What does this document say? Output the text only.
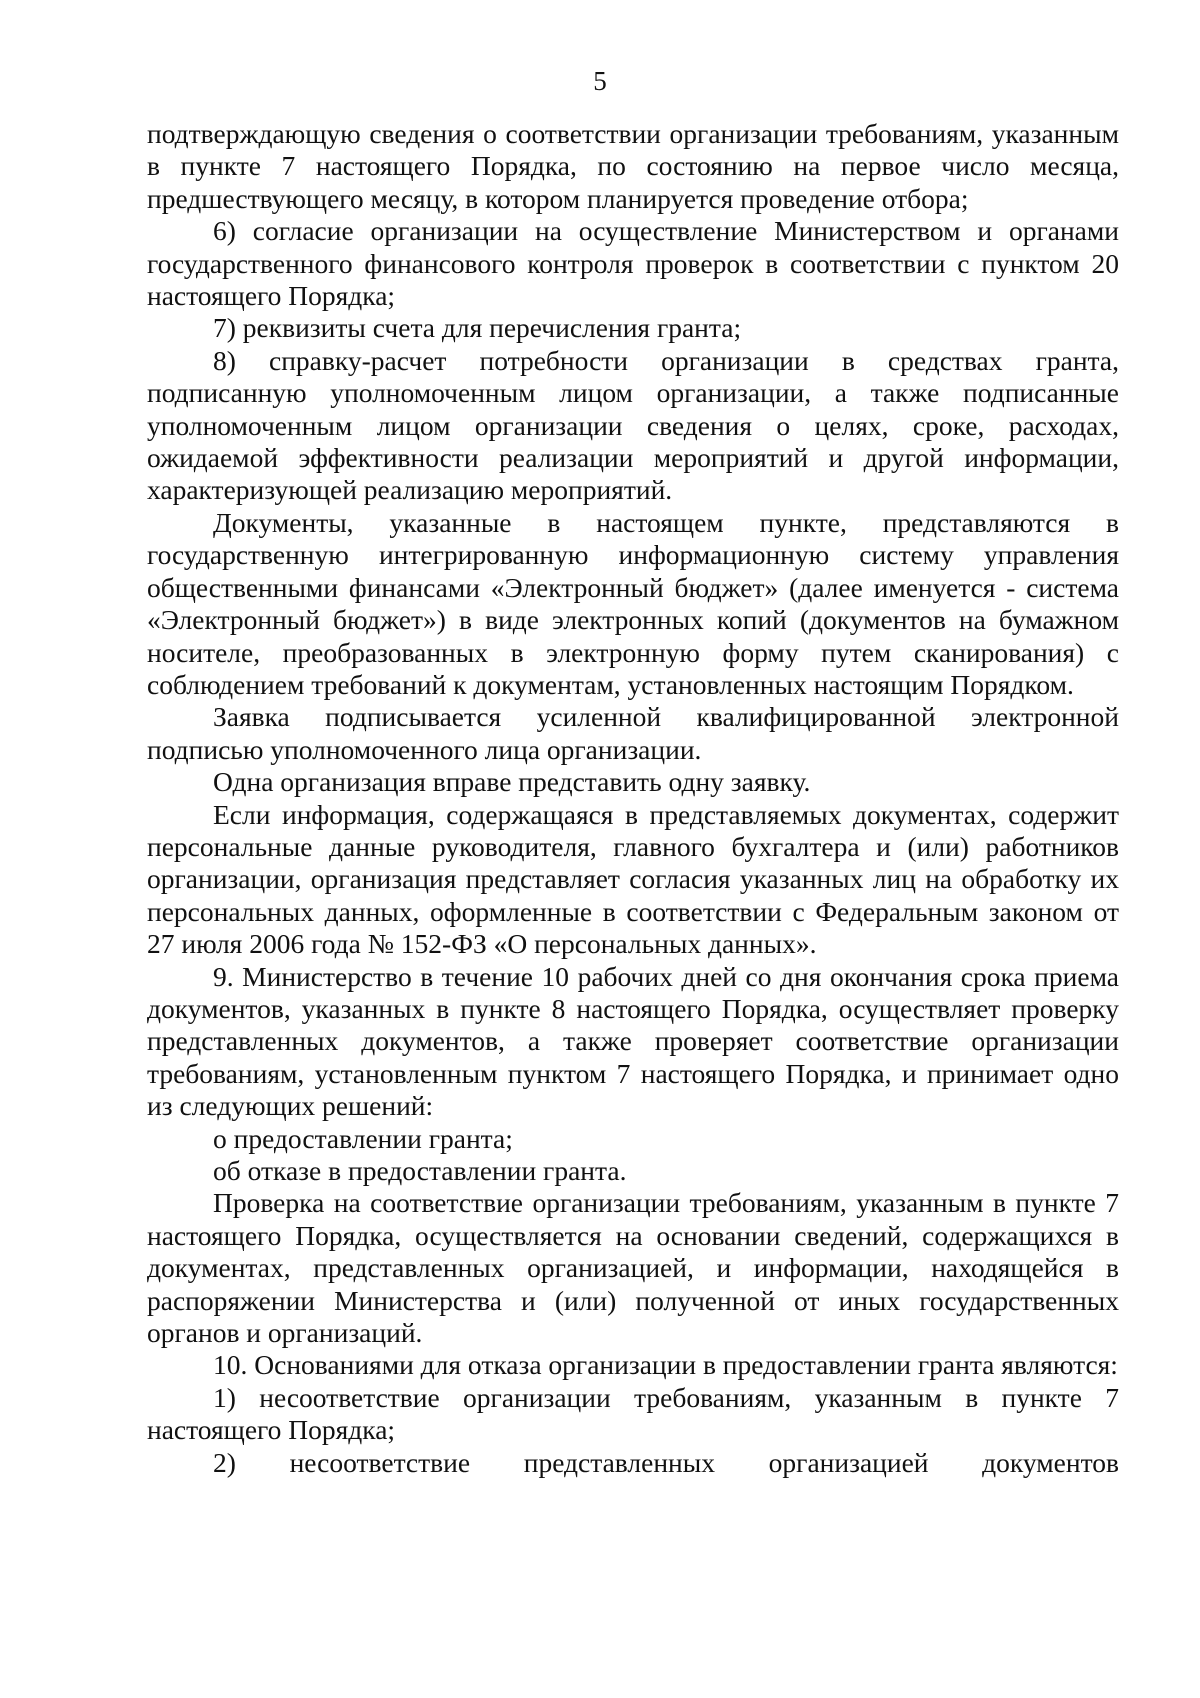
5

подтверждающую сведения о соответствии организации требованиям, указанным в пункте 7 настоящего Порядка, по состоянию на первое число месяца, предшествующего месяцу, в котором планируется проведение отбора;

6) согласие организации на осуществление Министерством и органами государственного финансового контроля проверок в соответствии с пунктом 20 настоящего Порядка;

7) реквизиты счета для перечисления гранта;

8) справку-расчет потребности организации в средствах гранта, подписанную уполномоченным лицом организации, а также подписанные уполномоченным лицом организации сведения о целях, сроке, расходах, ожидаемой эффективности реализации мероприятий и другой информации, характеризующей реализацию мероприятий.

Документы, указанные в настоящем пункте, представляются в государственную интегрированную информационную систему управления общественными финансами «Электронный бюджет» (далее именуется - система «Электронный бюджет») в виде электронных копий (документов на бумажном носителе, преобразованных в электронную форму путем сканирования) с соблюдением требований к документам, установленных настоящим Порядком.

Заявка подписывается усиленной квалифицированной электронной подписью уполномоченного лица организации.

Одна организация вправе представить одну заявку.

Если информация, содержащаяся в представляемых документах, содержит персональные данные руководителя, главного бухгалтера и (или) работников организации, организация представляет согласия указанных лиц на обработку их персональных данных, оформленные в соответствии с Федеральным законом от 27 июля 2006 года № 152-ФЗ «О персональных данных».

9. Министерство в течение 10 рабочих дней со дня окончания срока приема документов, указанных в пункте 8 настоящего Порядка, осуществляет проверку представленных документов, а также проверяет соответствие организации требованиям, установленным пунктом 7 настоящего Порядка, и принимает одно из следующих решений:

о предоставлении гранта;

об отказе в предоставлении гранта.

Проверка на соответствие организации требованиям, указанным в пункте 7 настоящего Порядка, осуществляется на основании сведений, содержащихся в документах, представленных организацией, и информации, находящейся в распоряжении Министерства и (или) полученной от иных государственных органов и организаций.

10. Основаниями для отказа организации в предоставлении гранта являются:

1) несоответствие организации требованиям, указанным в пункте 7 настоящего Порядка;

2) несоответствие представленных организацией документов
